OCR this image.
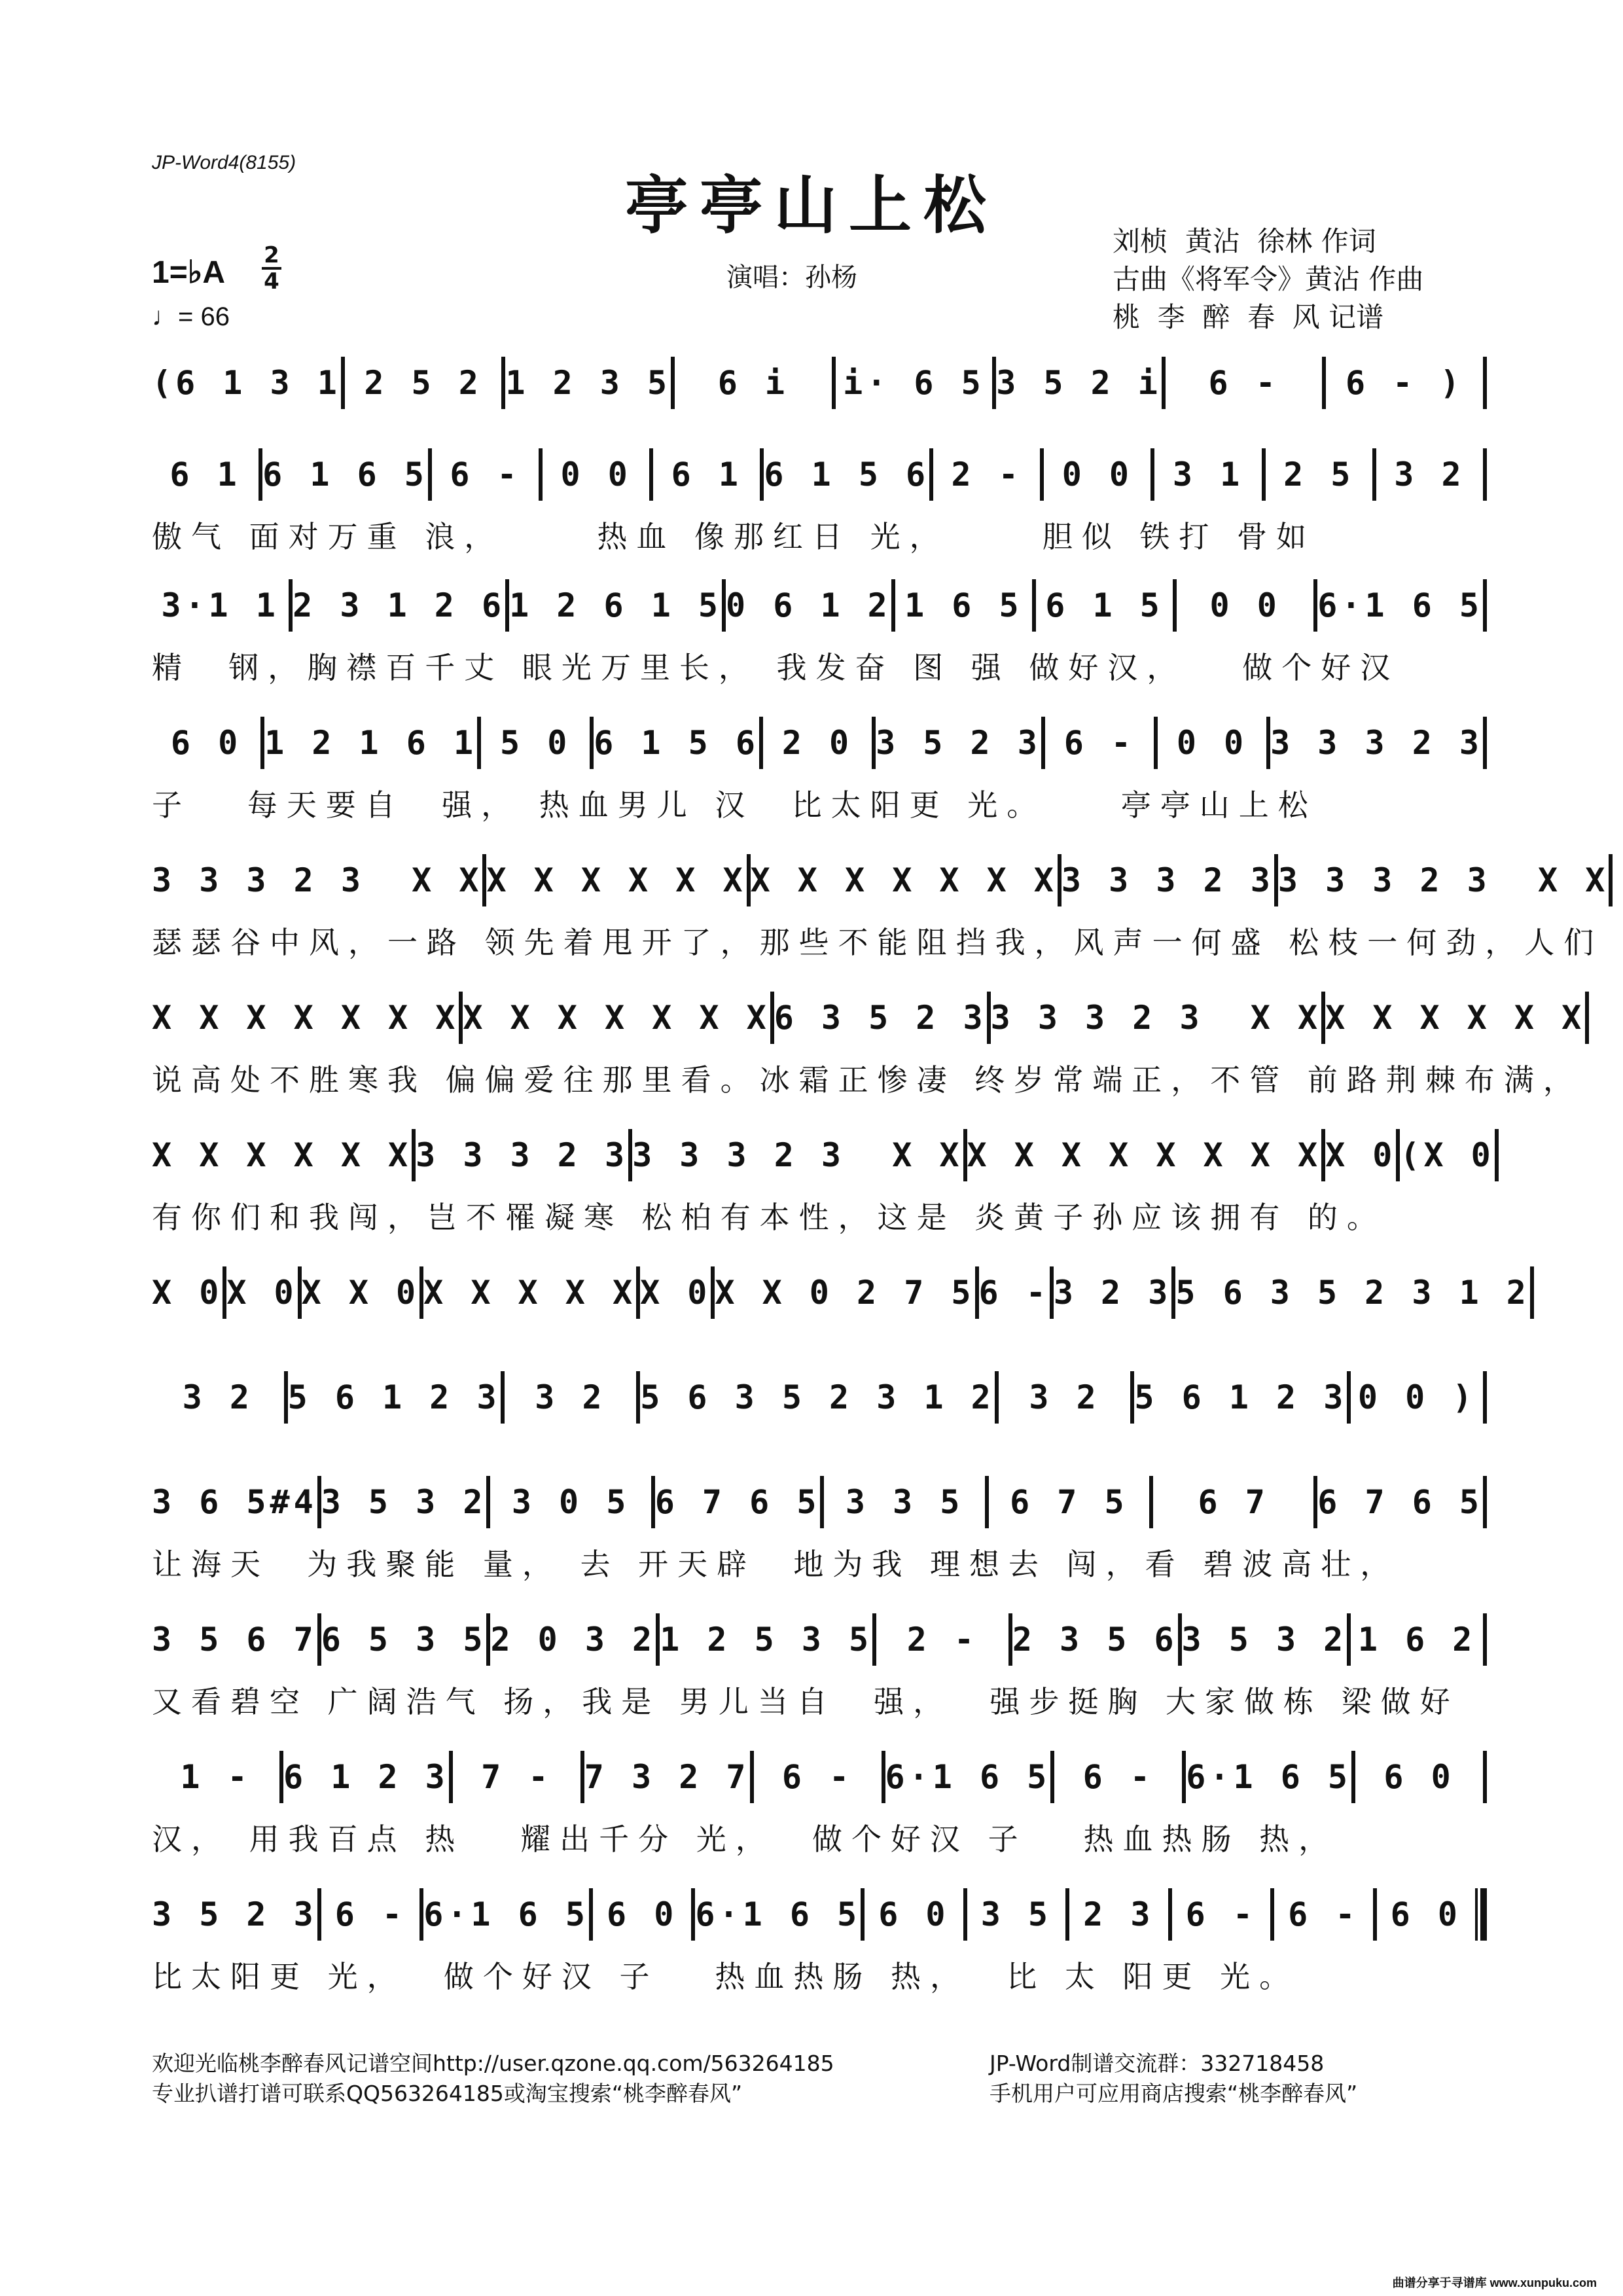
JP-Word4(8155)
亭亭山上松
演唱：孙杨
刘桢  黄沾  徐林 作词
古曲《将军令》黄沾 作曲
桃  李  醉  春  风 记谱
1=♭A 2
4
♩= 66
(6 1 3 1 2 5 2 1 2 3 5	6 i	i· 6 5 3 5 2 i	6 -	6 - )
6 1 6 1 6 5 6 -	0 0	6 1 6 1 5 6 2 -	0 0	3 1	2 5	3 2
傲气 面对万重 浪，     热血 像那红日 光，     胆似 铁打 骨如
3·1 1 2 3 1 2 6 1 2 6 1 5 0 6 1 2 1 6 5 6 1 5	0 0	6·1 6 5
精  钢，胸襟百千丈 眼光万里长， 我发奋 图 强 做好汉，   做个好汉
6 0 1 2 1 6 1 5 0 6 1 5 6 2 0 3 5 2 3 6 -	0 0 3 3 3 2 3
子   每天要自  强， 热血男儿 汉  比太阳更 光。    亭亭山上松
3 3 3 2 3  X X X X X X X X X X X X X X X 3 3 3 2 3 3 3 3 2 3  X X
瑟瑟谷中风，一路 领先着甩开了，那些不能阻挡我，风声一何盛 松枝一何劲，人们
X X X X X X X X X X X X X X 6 3 5 2 3 3 3 3 2 3  X X X X X X X X
说高处不胜寒我 偏偏爱往那里看。冰霜正惨凄 终岁常端正，不管 前路荆棘布满，
X X X X X X 3 3 3 2 3 3 3 3 2 3  X X X X X X X X X X X 0 (X 0
有你们和我闯，岂不罹凝寒 松柏有本性，这是 炎黄子孙应该拥有 的。
X 0 X 0 X X 0 X X X X X X 0 X X 0 2 7 5 6 - 3 2 3 5 6 3 5 2 3 1 2
3 2	5 6 1 2 3	3 2	5 6 3 5 2 3 1 2	3 2	5 6 1 2 3 0 0 )
3 6 5#4 3 5 3 2 3 0 5 6 7 6 5 3 3 5	6 7 5	6 7	6 7 6 5
让海天  为我聚能 量， 去 开天辟  地为我 理想去 闯，看 碧波高壮，
3 5 6 7 6 5 3 5 2 0 3 2 1 2 5 3 5	2 -	2 3 5 6 3 5 3 2 1 6 2
又看碧空 广阔浩气 扬，我是 男儿当自  强，  强步挺胸 大家做栋 梁做好
1 - 6 1 2 3 7 - 7 3 2 7 6 - 6·1 6 5 6 - 6·1 6 5 6 0
汉， 用我百点 热   耀出千分 光，  做个好汉 子   热血热肠 热，
3 5 2 3 6 - 6·1 6 5 6 0 6·1 6 5 6 0 3 5 2 3 6 - 6 - 6 0
比太阳更 光，  做个好汉 子   热血热肠 热，  比 太 阳更 光。
欢迎光临桃李醉春风记谱空间http://user.qzone.qq.com/563264185	JP-Word制谱交流群：332718458
专业扒谱打谱可联系QQ563264185或淘宝搜索“桃李醉春风”	手机用户可应用商店搜索“桃李醉春风”
曲谱分享于寻谱库 www.xunpuku.com
